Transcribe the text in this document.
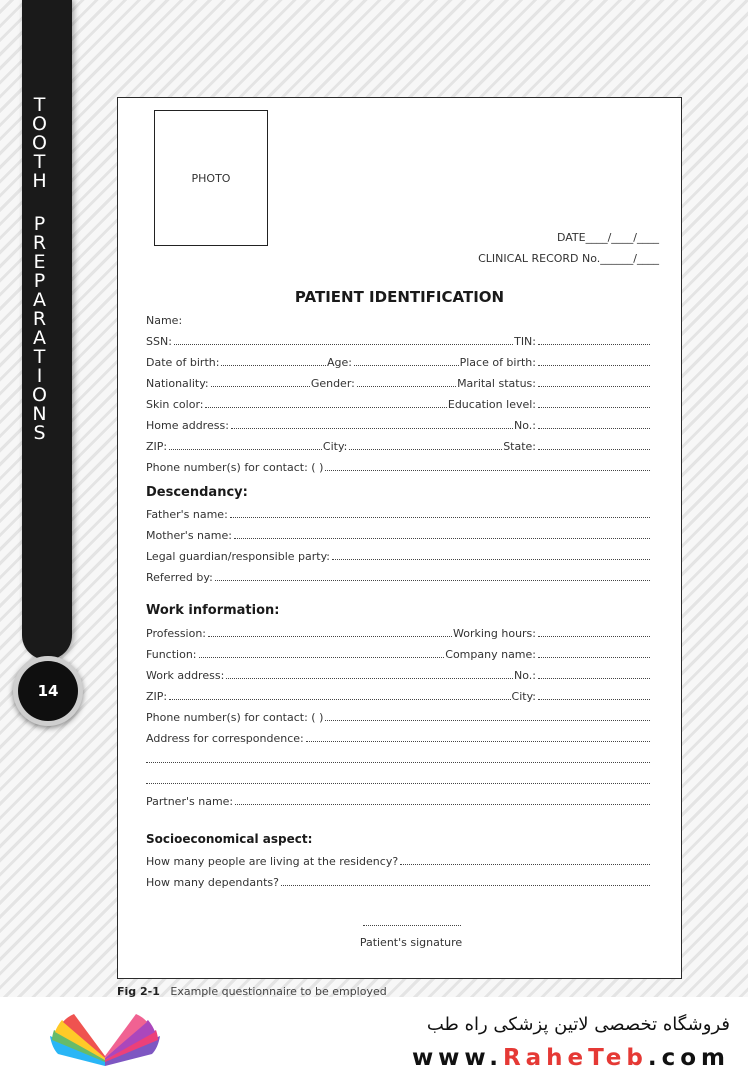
T
O
O
T
H
P
R
E
P
A
R
A
T
I
O
N
S
14
PHOTO
DATE____/____/____
CLINICAL RECORD No.______/____
PATIENT IDENTIFICATION
Name:
SSN:	TIN:
Date of birth:	Age:	Place of birth:
Nationality:	Gender:	Marital status:
Skin color:	Education level:
Home address:	No.:
ZIP:	City:	State:
Phone number(s) for contact: ( )
Descendancy:
Father's name:
Mother's name:
Legal guardian/responsible party:
Referred by:
Work information:
Profession:	Working hours:
Function:	Company name:
Work address:	No.:
ZIP:	City:
Phone number(s) for contact: ( )
Address for correspondence:
Partner's name:
Socioeconomical aspect:
How many people are living at the residency?
How many dependants?
Patient's signature
Fig 2-1 Example questionnaire to be employed
فروشگاه تخصصی لاتین پزشکی راه طب
www.RaheTeb.com
